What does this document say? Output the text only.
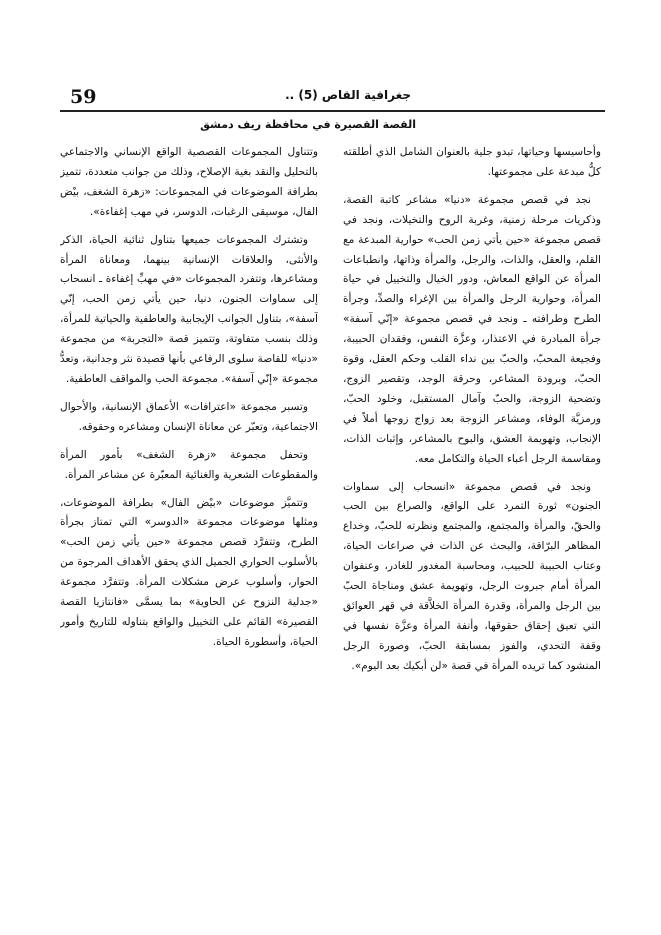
59	جغرافية القاص (5) ..
القصة القصيرة في محافظة ريف دمشق

وأحاسيسها وحياتها، تبدو جلية بالعنوان الشامل الذي أطلقته كلُّ مبدعة على مجموعتها.

نجد في قصص مجموعة «دنيا» مشاعر كاتبة القصة، وذكريات مرحلة زمنية، وغربة الروح والتخيلات، ونجد في قصص مجموعة «حين يأتي زمن الحب» حوارية المبدعة مع القلم، والعقل، والذات، والرجل، والمرأة وذاتها، وانطباعات المرأة عن الواقع المعاش، ودور الخيال والتخييل في حياة المرأة، وحوارية الرجل والمرأة بين الإغراء والصدِّ، وجرأة الطرح وطرافته ـ ونجد في قصص مجموعة «إنّي آسفة» جرأة المبادرة في الاعتذار، وعزَّة النفس، وفقدان الحبيبة، وفجيعة المحبّ، والحبّ بين نداء القلب وحكم العقل، وقوة الحبّ، وبرودة المشاعر، وحرقة الوجد، وتقصير الزوج، وتضحية الزوجة، والحبّ وآمال المستقبل، وخلود الحبّ، ورمزيَّة الوفاء، ومشاعر الزوجة بعد زواج زوجها أملاً في الإنجاب، وتهويمة العشق، والبوح بالمشاعر، وإثبات الذات، ومقاسمة الرجل أعباء الحياة والتكامل معه.

ونجد في قصص مجموعة «انسحاب إلى سماوات الجنون» ثورة التمرد على الواقع، والصراع بين الحب والحقّ، والمرأة والمجتمع، والمجتمع ونظرته للحبّ، وخداع المظاهر البرّاقة، والبحث عن الذات في صراعات الحياة، وعتاب الحبيبة للحبيب، ومحاسبة المغدور للغادر، وعنفوان المرأة أمام جبروت الرجل، وتهويمة عشق ومناجاة الحبّ بين الرجل والمرأة، وقدرة المرأة الخلاَّقة في قهر العوائق التي تعيق إحقاق حقوقها، وأنفة المرأة وعزَّة نفسها في وقفة التحدي، والفوز بمسابقة الحبّ، وصورة الرجل المنشود كما تريده المرأة في قصة «لن أبكيك بعد اليوم».

وتتناول المجموعات القصصية الواقع الإنساني والاجتماعي بالتحليل والنقد بغية الإصلاح، وذلك من جوانب متعددة، تتميز بطرافة الموضوعات في المجموعات: «زهرة الشغف، بيْض الفال، موسيقى الرغبات، الدوسر، في مهب إغفاءة».

وتشترك المجموعات جميعها بتناول ثنائية الحياة، الذكر والأنثى، والعلاقات الإنسانية بينهما، ومعاناة المرأة ومشاعرها، وتتفرد المجموعات «في مهبِّ إغفاءة ـ انسحاب إلى سماوات الجنون، دنيا، حين يأتي زمن الحب، إنّي آسفة»، بتناول الجوانب الإيجابية والعاطفية والحياتية للمرأة، وذلك بنسب متفاوتة، وتتميز قصة «التجربة» من مجموعة «دنيا» للقاصة سلوى الرفاعي بأنها قصيدة نثر وجدانية، وتعدُّ مجموعة «إنّي آسفة». مجموعة الحب والمواقف العاطفية.

وتسبر مجموعة «اعترافات» الأعماق الإنسانية، والأحوال الاجتماعية، وتعبّر عن معاناة الإنسان ومشاعره وحقوقه.

وتحفل مجموعة «زهرة الشغف» بأمور المرأة والمقطوعات الشعرية والغنائية المعبّرة عن مشاعر المرأة.

وتتميَّز موضوعات «بيْض الفال» بطرافة الموضوعات، ومثلها موضوعات مجموعة «الدوسر» التي تمتاز بجرأة الطرح، وتتفرَّد قصص مجموعة «حين يأتي زمن الحب» بالأسلوب الحواري الجميل الذي يحقق الأهداف المرجوة من الحوار، وأسلوب عرض مشكلات المرأة. وتتفرَّد مجموعة «جدلية النزوح عن الحاوية» بما يسمَّى «فانتازيا القصة القصيرة» القائم على التخييل والواقع بتناوله للتاريخ وأمور الحياة، وأسطورة الحياة.
